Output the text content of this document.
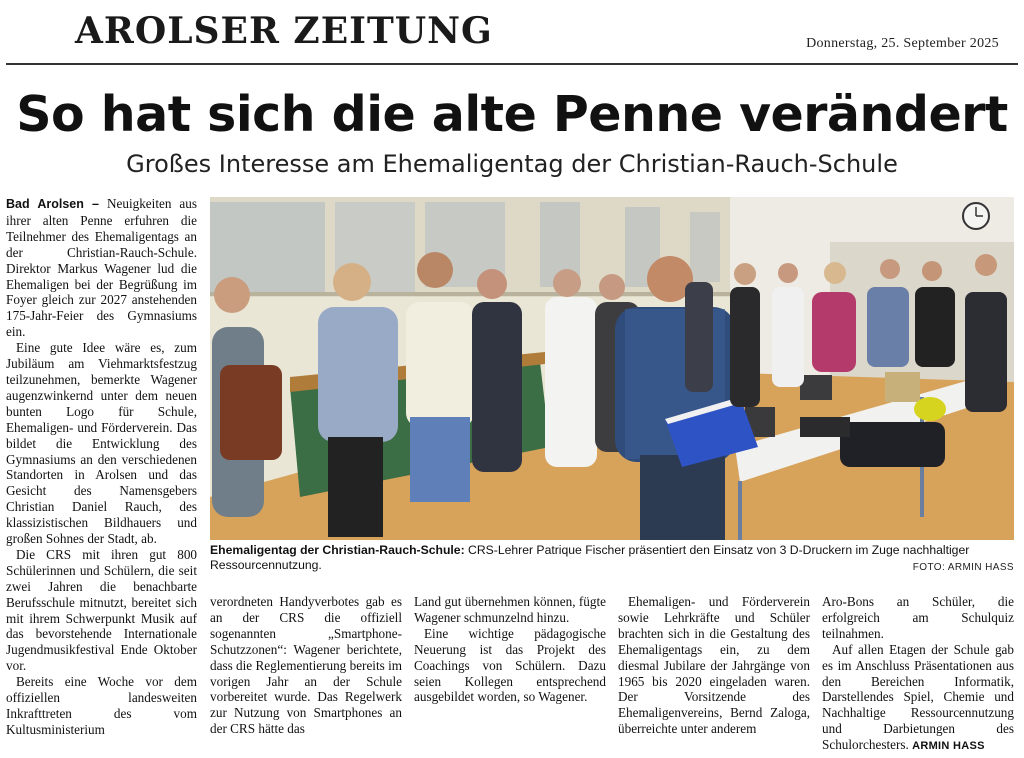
AROLSER ZEITUNG	Donnerstag, 25. September 2025
So hat sich die alte Penne verändert
Großes Interesse am Ehemaligentag der Christian-Rauch-Schule

Bad Arolsen – Neuigkeiten aus ihrer alten Penne erfuhren die Teilnehmer des Ehemaligentags an der Christian-Rauch-Schule. Direktor Markus Wagener lud die Ehemaligen bei der Begrüßung im Foyer gleich zur 2027 anstehenden 175-Jahr-Feier des Gymnasiums ein.

Eine gute Idee wäre es, zum Jubiläum am Viehmarktsfestzug teilzunehmen, bemerkte Wagener augenzwinkernd unter dem neuen bunten Logo für Schule, Ehemaligen- und Förderverein. Das bildet die Entwicklung des Gymnasiums an den verschiedenen Standorten in Arolsen und das Gesicht des Namensgebers Christian Daniel Rauch, des klassizistischen Bildhauers und großen Sohnes der Stadt, ab.

Die CRS mit ihren gut 800 Schülerinnen und Schülern, die seit zwei Jahren die benachbarte Berufsschule mitnutzt, bereitet sich mit ihrem Schwerpunkt Musik auf das bevorstehende Internationale Jugendmusikfestival Ende Oktober vor.

Bereits eine Woche vor dem offiziellen landesweiten Inkrafttreten des vom Kultusministerium

Ehemaligentag der Christian-Rauch-Schule: CRS-Lehrer Patrique Fischer präsentiert den Einsatz von 3 D-Druckern im Zuge nachhaltiger Ressourcennutzung.	FOTO: ARMIN HASS

verordneten Handyverbotes gab es an der CRS die offiziell sogenannten „Smartphone-Schutzzonen“: Wagener berichtete, dass die Reglementierung bereits im vorigen Jahr an der Schule vorbereitet wurde. Das Regelwerk zur Nutzung von Smartphones an der CRS hätte das

Land gut übernehmen können, fügte Wagener schmunzelnd hinzu.

Eine wichtige pädagogische Neuerung ist das Projekt des Coachings von Schülern. Dazu seien Kollegen entsprechend ausgebildet worden, so Wagener.

Ehemaligen- und Förderverein sowie Lehrkräfte und Schüler brachten sich in die Gestaltung des Ehemaligentags ein, zu dem diesmal Jubilare der Jahrgänge von 1965 bis 2020 eingeladen waren. Der Vorsitzende des Ehemaligenvereins, Bernd Zaloga, überreichte unter anderem

Aro-Bons an Schüler, die erfolgreich am Schulquiz teilnahmen.

Auf allen Etagen der Schule gab es im Anschluss Präsentationen aus den Bereichen Informatik, Darstellendes Spiel, Chemie und Nachhaltige Ressourcennutzung und Darbietungen des Schulorchesters. ARMIN HASS
